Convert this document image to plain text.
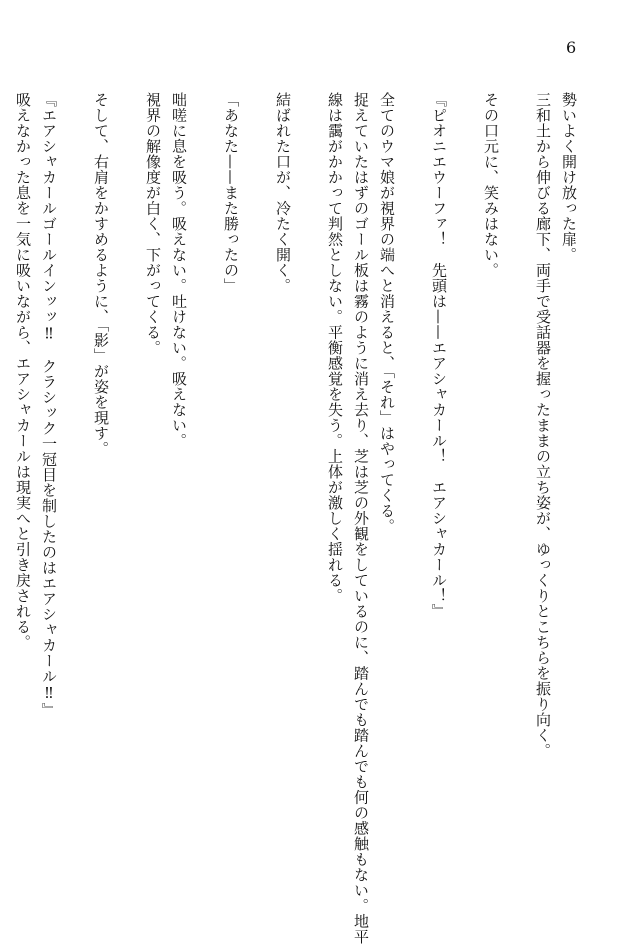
6
勢いよく開け放った扉。
三和土から伸びる廊下、両手で受話器を握ったままの立ち姿が、ゆっくりとこちらを振り向く。
その口元に、笑みはない。
『ピオニエウーファ！　先頭は——エアシャカール！　エアシャカール！』
全てのウマ娘が視界の端へと消えると、「それ」はやってくる。
捉えていたはずのゴール板は霧のように消え去り、芝は芝の外観をしているのに、踏んでも踏んでも何の感触もない。地平
線は靄がかかって判然としない。平衡感覚を失う。上体が激しく揺れる。
結ばれた口が、冷たく開く。
「あなた——また勝ったの」
咄嗟に息を吸う。吸えない。吐けない。吸えない。
視界の解像度が白く、下がってくる。
そして、右肩をかすめるように、「影」が姿を現す。
『エアシャカールゴールインッッ‼　クラシック一冠目を制したのはエアシャカール‼』
吸えなかった息を一気に吸いながら、エアシャカールは現実へと引き戻される。
